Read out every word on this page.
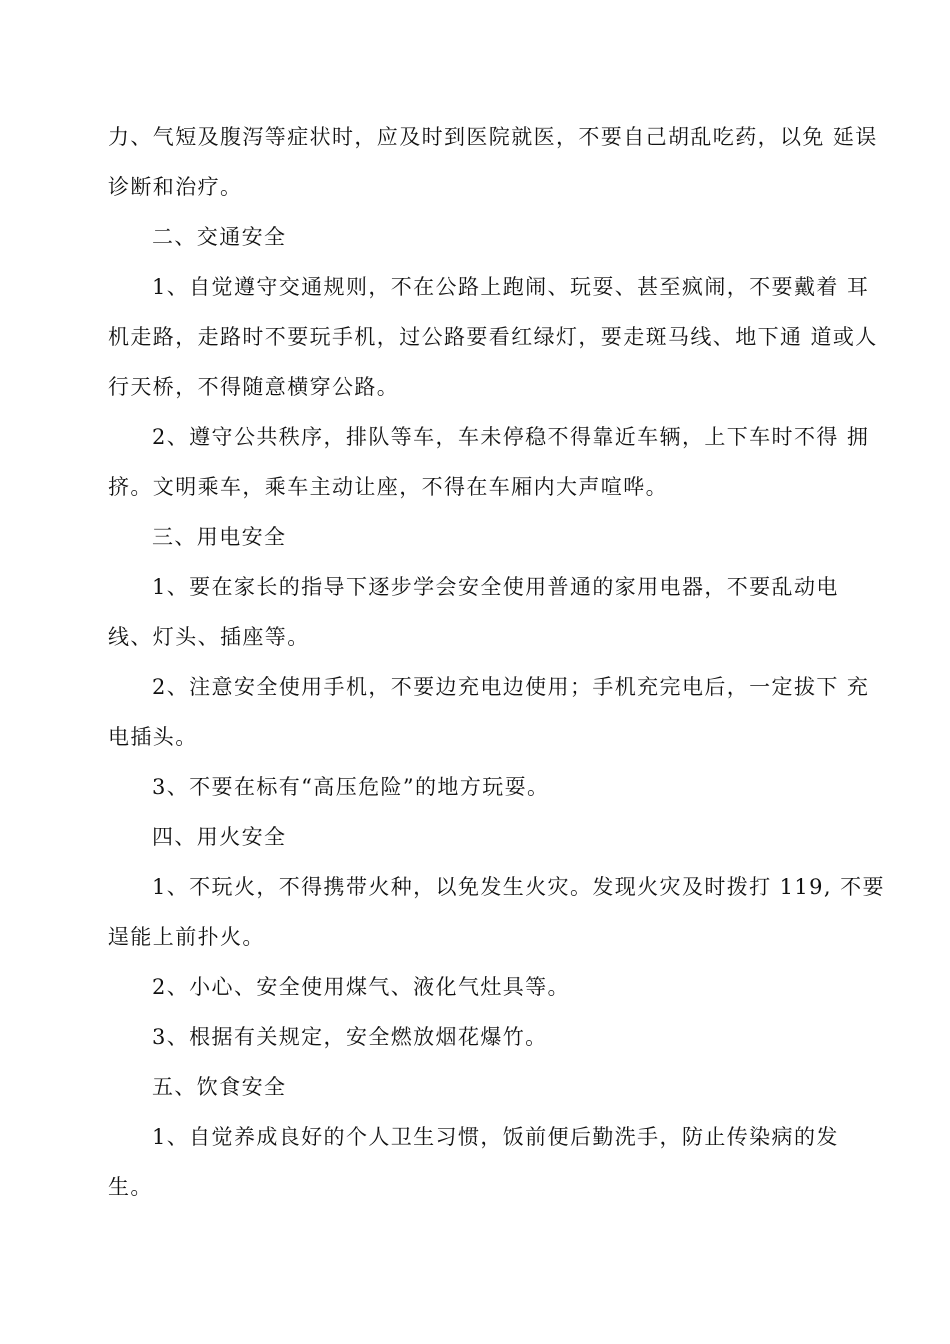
力、气短及腹泻等症状时，应及时到医院就医，不要自己胡乱吃药，以免 延误
诊断和治疗。
二、交通安全
1、自觉遵守交通规则，不在公路上跑闹、玩耍、甚至疯闹，不要戴着 耳
机走路，走路时不要玩手机，过公路要看红绿灯，要走斑马线、地下通 道或人
行天桥，不得随意横穿公路。
2、遵守公共秩序，排队等车，车未停稳不得靠近车辆，上下车时不得 拥
挤。文明乘车，乘车主动让座，不得在车厢内大声喧哗。
三、用电安全
1、要在家长的指导下逐步学会安全使用普通的家用电器，不要乱动电
线、灯头、插座等。
2、注意安全使用手机，不要边充电边使用；手机充完电后，一定拔下 充
电插头。
3、不要在标有“高压危险”的地方玩耍。
四、用火安全
1、不玩火，不得携带火种，以免发生火灾。发现火灾及时拨打 119, 不要
逞能上前扑火。
2、小心、安全使用煤气、液化气灶具等。
3、根据有关规定，安全燃放烟花爆竹。
五、饮食安全
1、自觉养成良好的个人卫生习惯，饭前便后勤洗手，防止传染病的发
生。
